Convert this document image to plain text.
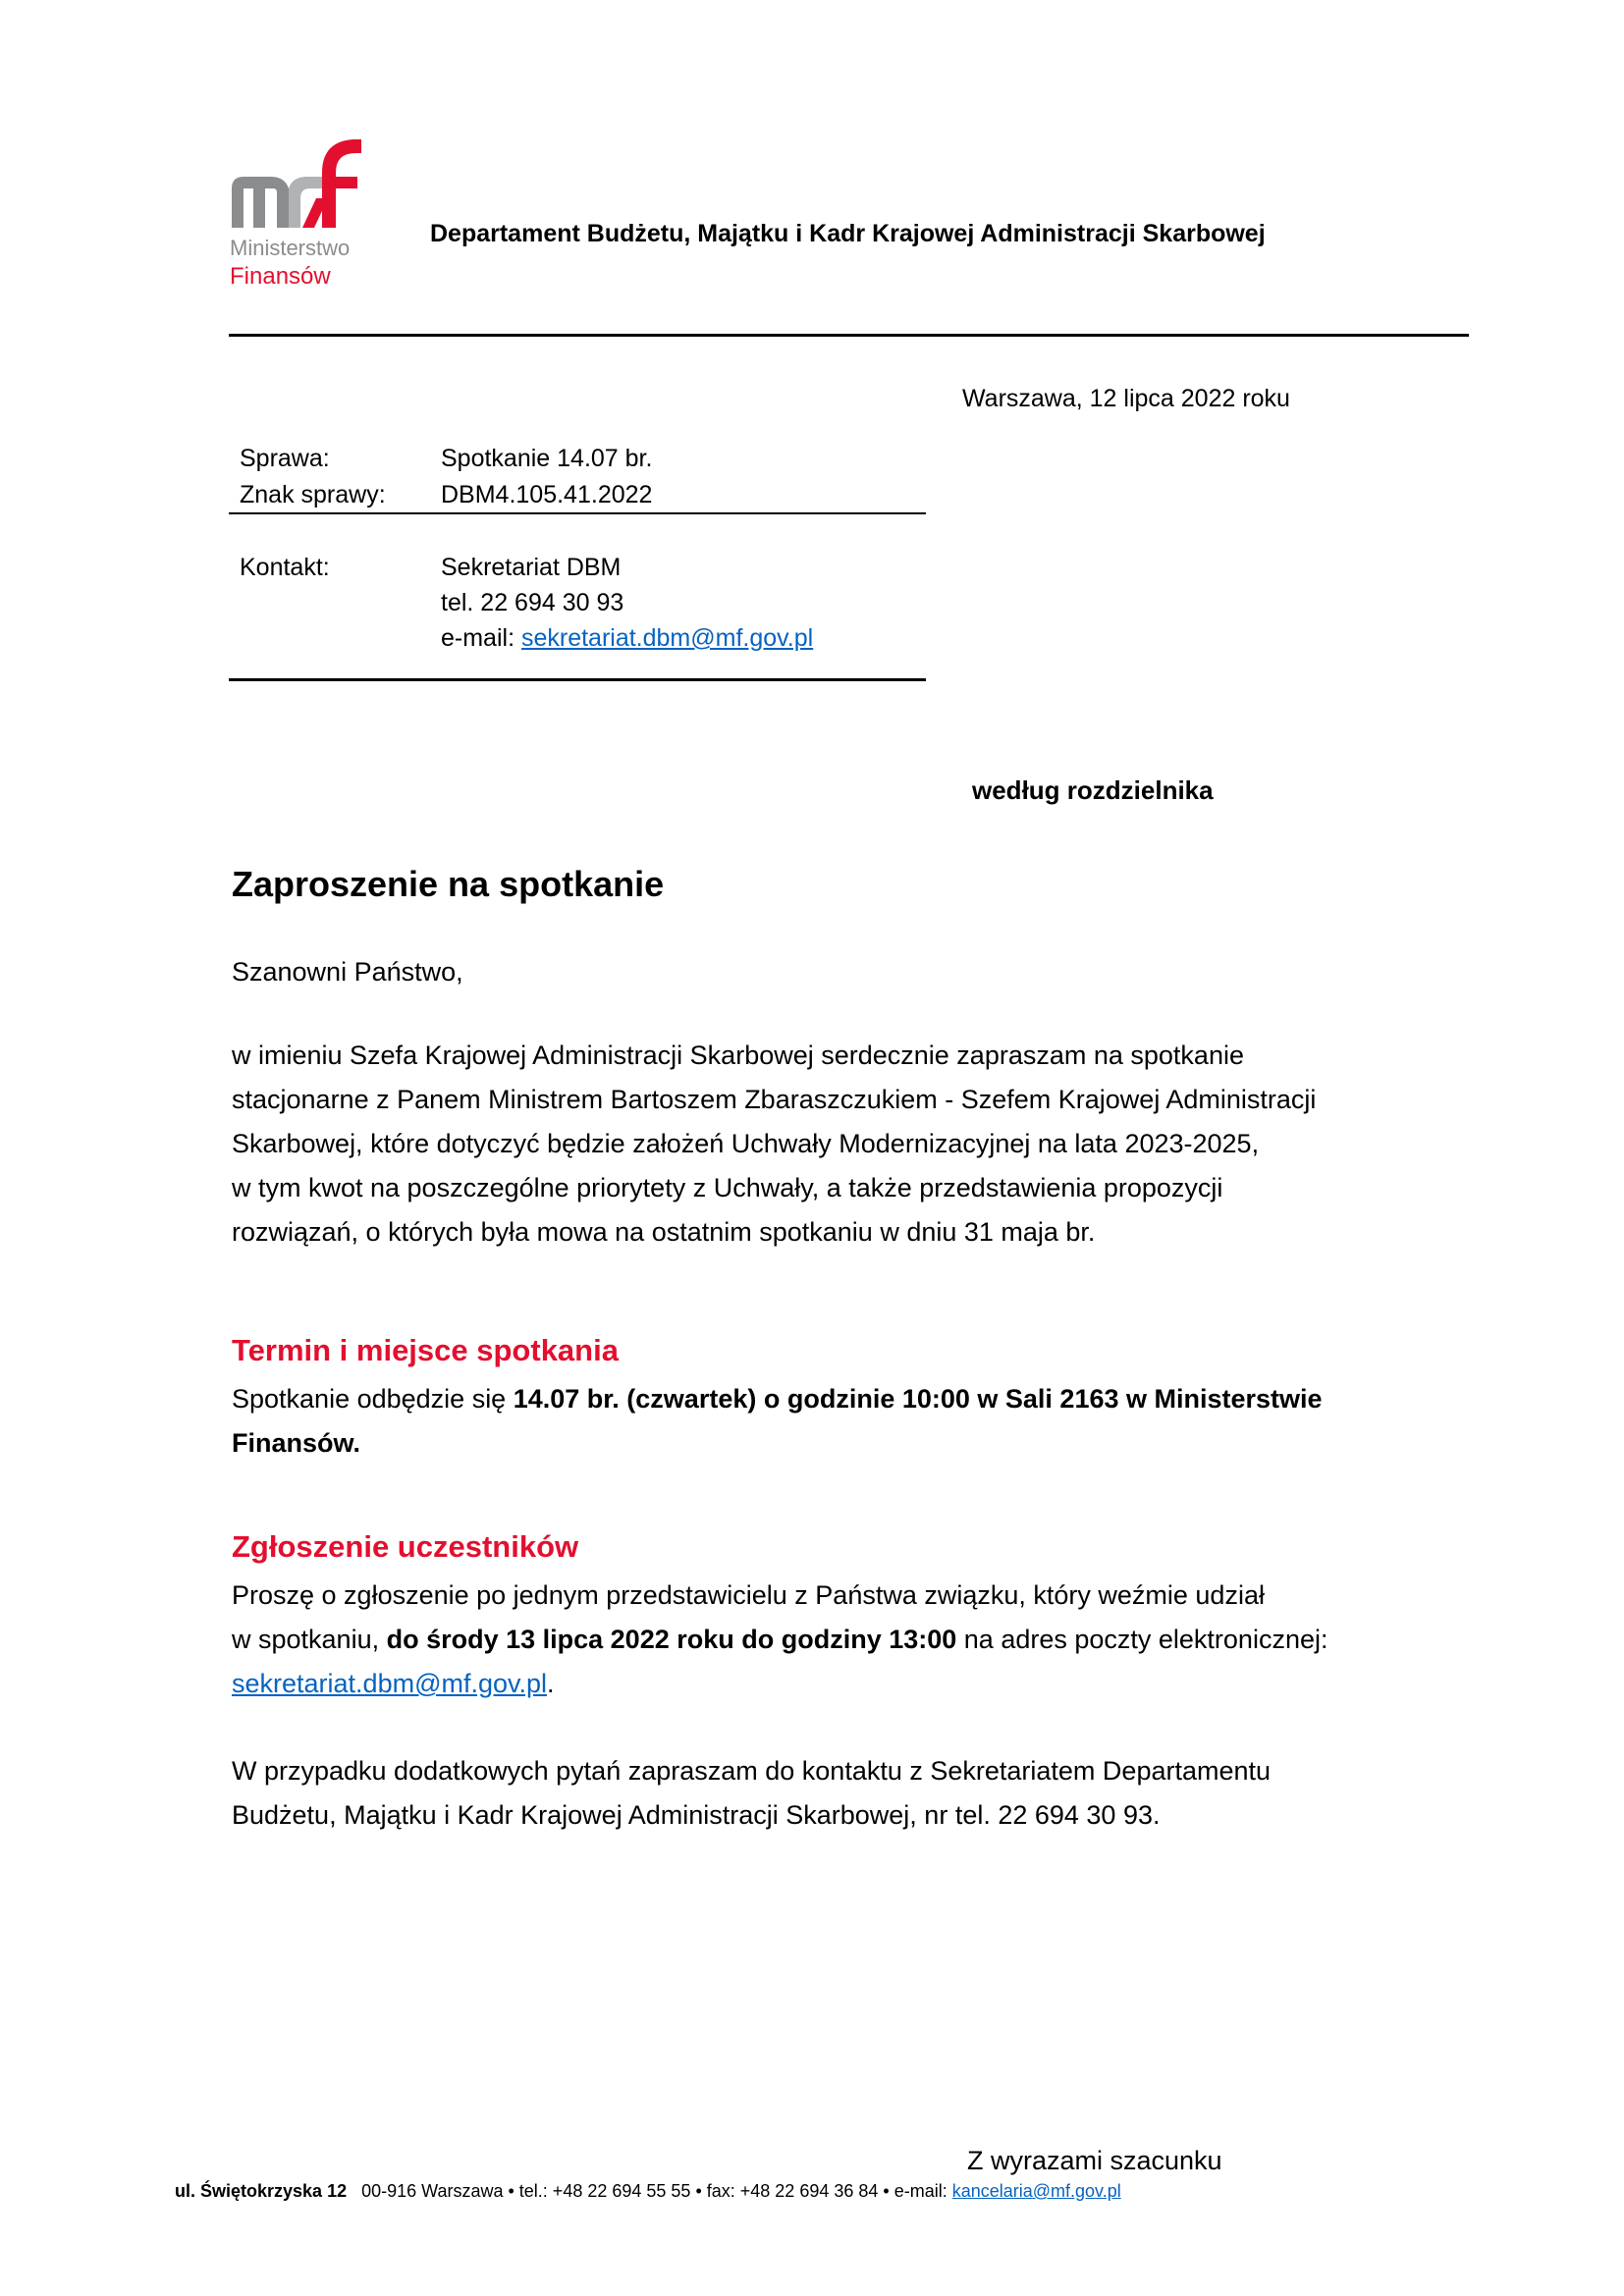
Ministerstwo
Finansów
Departament Budżetu, Majątku i Kadr Krajowej Administracji Skarbowej
Warszawa, 12 lipca 2022 roku
Sprawa:	Spotkanie 14.07 br.
Znak sprawy: DBM4.105.41.2022
Kontakt:	Sekretariat DBM
tel. 22 694 30 93
e-mail: sekretariat.dbm@mf.gov.pl
według rozdzielnika
Zaproszenie na spotkanie
Szanowni Państwo,
w imieniu Szefa Krajowej Administracji Skarbowej serdecznie zapraszam na spotkanie
stacjonarne z Panem Ministrem Bartoszem Zbaraszczukiem - Szefem Krajowej Administracji
Skarbowej, które dotyczyć będzie założeń Uchwały Modernizacyjnej na lata 2023-2025,
w tym kwot na poszczególne priorytety z Uchwały, a także przedstawienia propozycji
rozwiązań, o których była mowa na ostatnim spotkaniu w dniu 31 maja br.
Termin i miejsce spotkania
Spotkanie odbędzie się 14.07 br. (czwartek) o godzinie 10:00 w Sali 2163 w Ministerstwie
Finansów.
Zgłoszenie uczestników
Proszę o zgłoszenie po jednym przedstawicielu z Państwa związku, który weźmie udział
w spotkaniu, do środy 13 lipca 2022 roku do godziny 13:00 na adres poczty elektronicznej:
sekretariat.dbm@mf.gov.pl.
W przypadku dodatkowych pytań zapraszam do kontaktu z Sekretariatem Departamentu
Budżetu, Majątku i Kadr Krajowej Administracji Skarbowej, nr tel. 22 694 30 93.
Z wyrazami szacunku
ul. Świętokrzyska 12   00-916 Warszawa • tel.: +48 22 694 55 55 • fax: +48 22 694 36 84 • e-mail: kancelaria@mf.gov.pl
